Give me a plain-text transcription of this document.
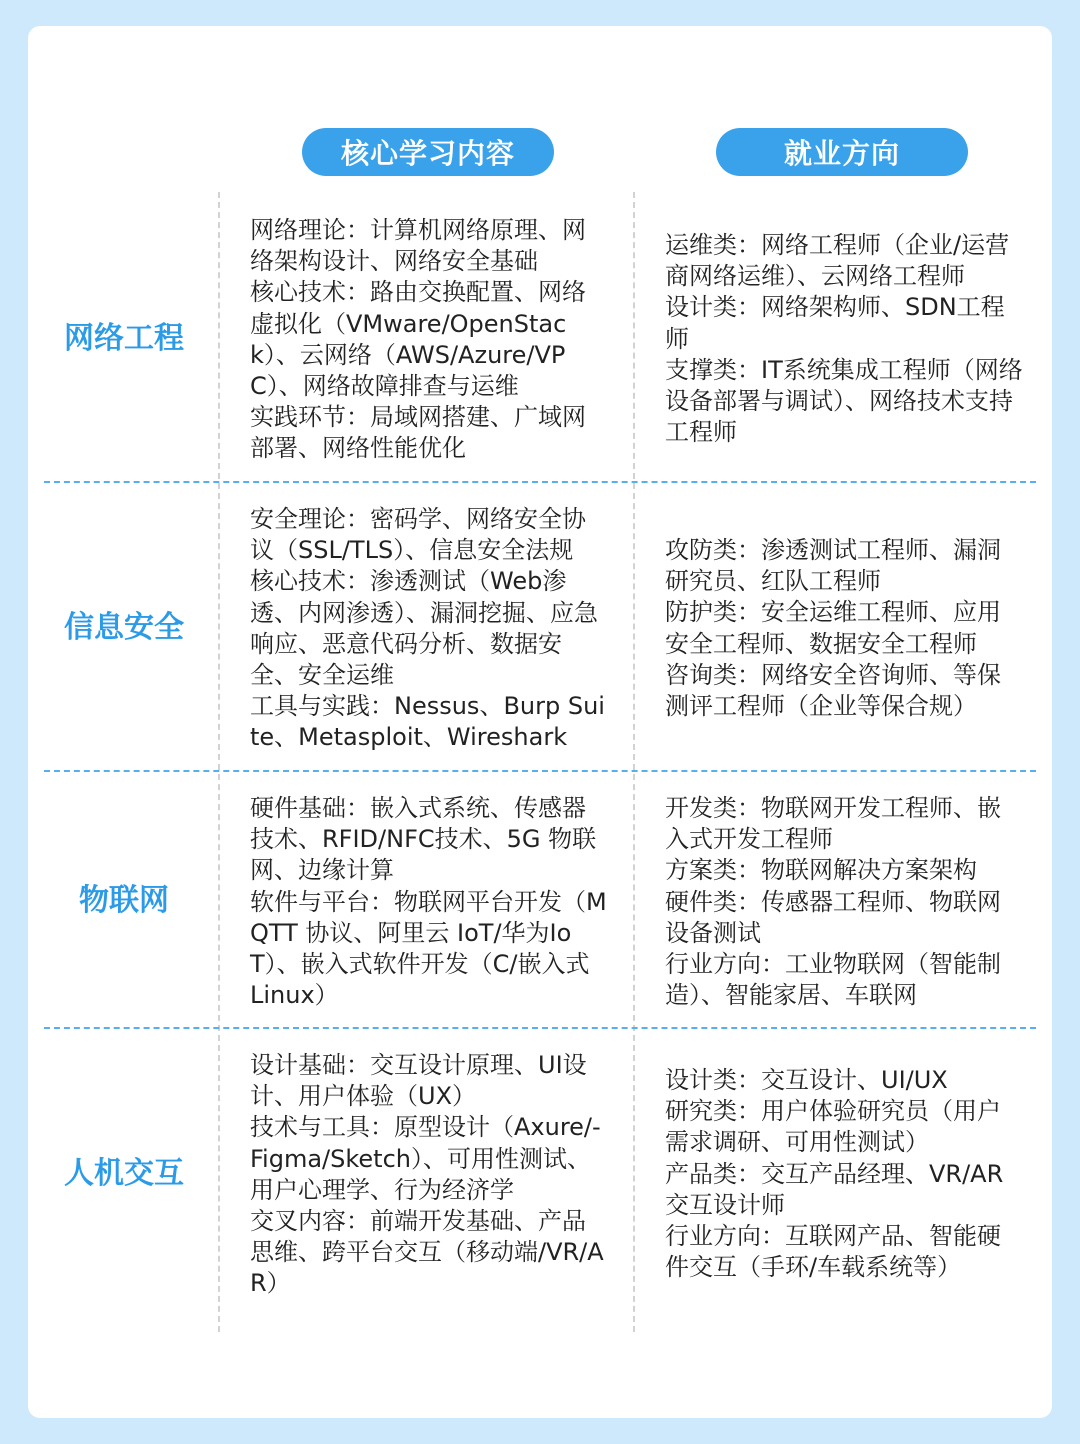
核心学习内容	就业方向
网络工程
网络理论：计算机网络原理、网络架构设计、网络安全基础
核心技术：路由交换配置、网络虚拟化（VMware/OpenStack）、云网络（AWS/Azure/VPC）、网络故障排查与运维
实践环节：局域网搭建、广域网部署、网络性能优化
运维类：网络工程师（企业/运营商网络运维）、云网络工程师
设计类：网络架构师、SDN工程师
支撑类：IT系统集成工程师（网络设备部署与调试）、网络技术支持工程师
信息安全
安全理论：密码学、网络安全协议（SSL/TLS）、信息安全法规
核心技术：渗透测试（Web渗透、内网渗透）、漏洞挖掘、应急响应、恶意代码分析、数据安全、安全运维
工具与实践：Nessus、Burp Suite、Metasploit、Wireshark
攻防类：渗透测试工程师、漏洞研究员、红队工程师
防护类：安全运维工程师、应用安全工程师、数据安全工程师
咨询类：网络安全咨询师、等保测评工程师（企业等保合规）
物联网
硬件基础：嵌入式系统、传感器技术、RFID/NFC技术、5G 物联网、边缘计算
软件与平台：物联网平台开发（MQTT 协议、阿里云 IoT/华为IoT）、嵌入式软件开发（C/嵌入式 Linux）
开发类：物联网开发工程师、嵌入式开发工程师
方案类：物联网解决方案架构
硬件类：传感器工程师、物联网设备测试
行业方向：工业物联网（智能制造）、智能家居、车联网
人机交互
设计基础：交互设计原理、UI设计、用户体验（UX）
技术与工具：原型设计（Axure/-Figma/Sketch）、可用性测试、用户心理学、行为经济学
交叉内容：前端开发基础、产品思维、跨平台交互（移动端/VR/AR）
设计类：交互设计、UI/UX
研究类：用户体验研究员（用户需求调研、可用性测试）
产品类：交互产品经理、VR/AR交互设计师
行业方向：互联网产品、智能硬件交互（手环/车载系统等）
